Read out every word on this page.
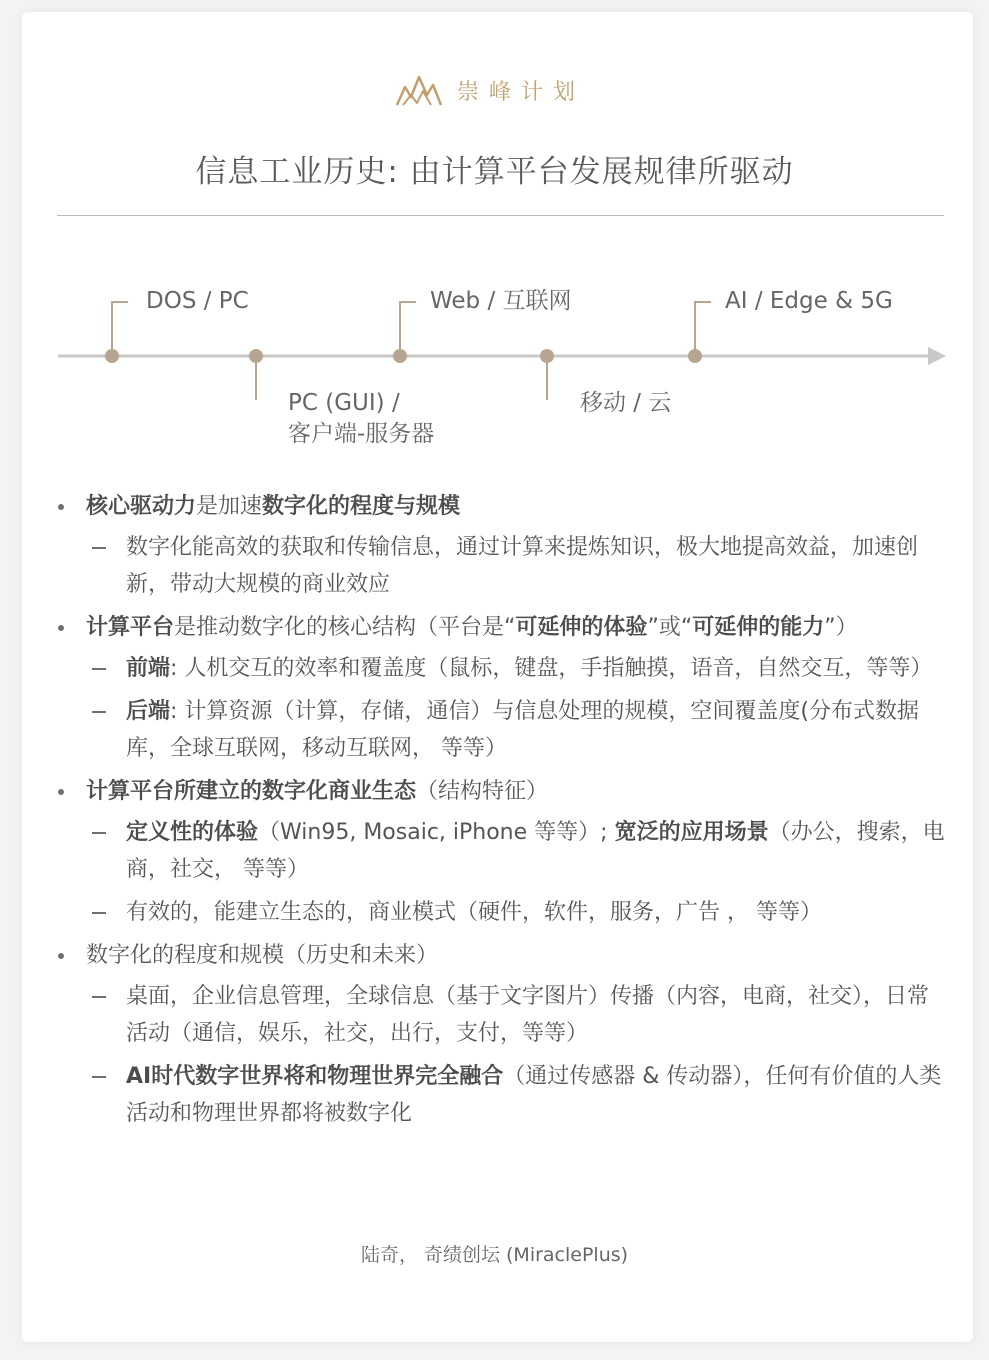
崇峰计划
信息工业历史: 由计算平台发展规律所驱动
DOS / PC
PC (GUI) /
客户端-服务器
Web / 互联网
移动 / 云
AI / Edge & 5G
核心驱动力是加速数字化的程度与规模
数字化能高效的获取和传输信息，通过计算来提炼知识，极大地提高效益，加速创新，带动大规模的商业效应
计算平台是推动数字化的核心结构（平台是“可延伸的体验”或“可延伸的能力”）
前端: 人机交互的效率和覆盖度（鼠标，键盘，手指触摸，语音，自然交互，等等）
后端: 计算资源（计算，存储，通信）与信息处理的规模，空间覆盖度(分布式数据库，全球互联网，移动互联网， 等等）
计算平台所建立的数字化商业生态（结构特征）
定义性的体验（Win95, Mosaic, iPhone 等等）; 宽泛的应用场景（办公，搜索，电商，社交， 等等）
有效的，能建立生态的，商业模式（硬件，软件，服务，广告 ， 等等）
数字化的程度和规模（历史和未来）
桌面，企业信息管理，全球信息（基于文字图片）传播（内容，电商，社交），日常活动（通信，娱乐，社交，出行，支付，等等）
AI时代数字世界将和物理世界完全融合（通过传感器 & 传动器），任何有价值的人类活动和物理世界都将被数字化
陆奇， 奇绩创坛 (MiraclePlus)
